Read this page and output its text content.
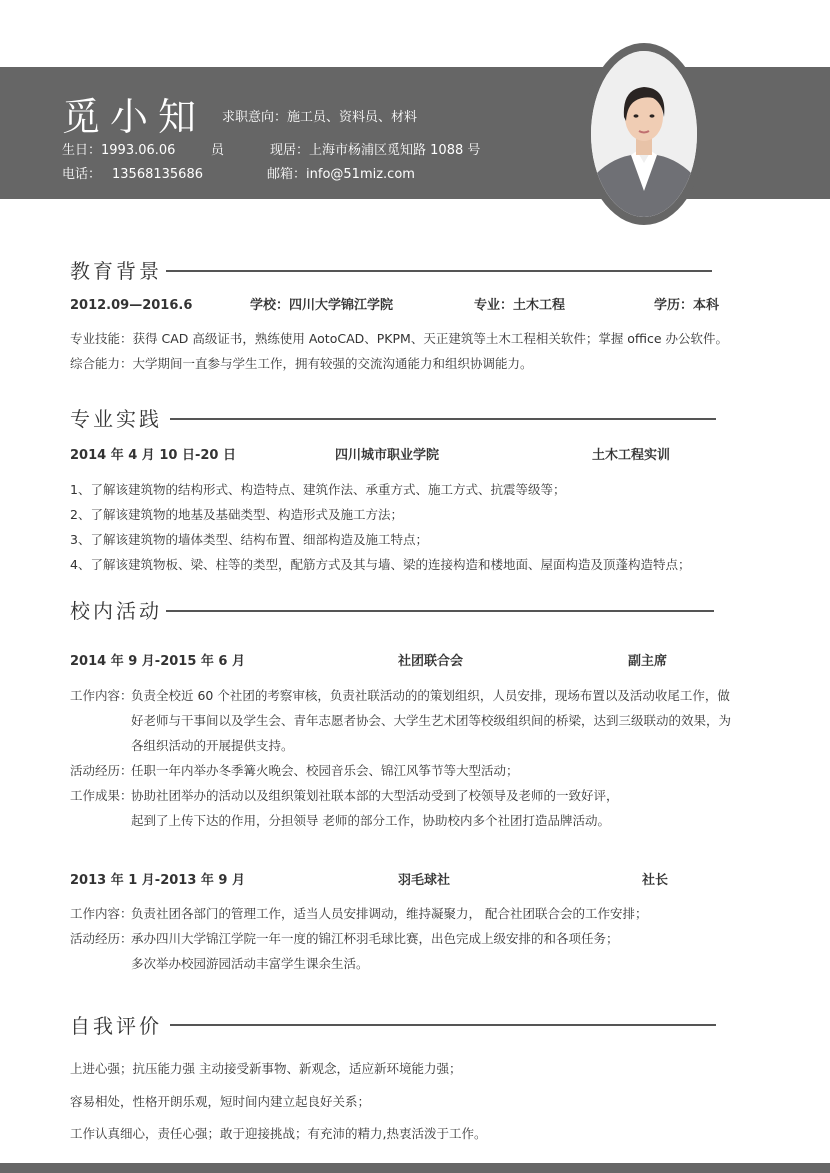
觅小知 求职意向：施工员、资料员、材料
员
生日：1993.06.06	现居：上海市杨浦区觅知路 1088 号
电话： 13568135686	邮箱：info@51miz.com
教育背景
2012.09—2016.6	学校：四川大学锦江学院	专业：土木工程	学历：本科
专业技能：获得 CAD 高级证书，熟练使用 AotoCAD、PKPM、天正建筑等土木工程相关软件；掌握 office 办公软件。
综合能力：大学期间一直参与学生工作，拥有较强的交流沟通能力和组织协调能力。
专业实践
2014 年 4 月 10 日-20 日	四川城市职业学院	土木工程实训
1、了解该建筑物的结构形式、构造特点、建筑作法、承重方式、施工方式、抗震等级等；
2、了解该建筑物的地基及基础类型、构造形式及施工方法；
3、了解该建筑物的墙体类型、结构布置、细部构造及施工特点；
4、了解该建筑物板、梁、柱等的类型，配筋方式及其与墙、梁的连接构造和楼地面、屋面构造及顶蓬构造特点；
校内活动
2014 年 9 月-2015 年 6 月	社团联合会	副主席
工作内容：
负责全校近 60 个社团的考察审核，负责社联活动的的策划组织，人员安排，现场布置以及活动收尾工作，做
好老师与干事间以及学生会、青年志愿者协会、大学生艺术团等校级组织间的桥梁，达到三级联动的效果，为
各组织活动的开展提供支持。
活动经历：
任职一年内举办冬季篝火晚会、校园音乐会、锦江风筝节等大型活动；
工作成果：
协助社团举办的活动以及组织策划社联本部的大型活动受到了校领导及老师的一致好评，
起到了上传下达的作用，分担领导 老师的部分工作，协助校内多个社团打造品牌活动。
2013 年 1 月-2013 年 9 月	羽毛球社	社长
工作内容：
负责社团各部门的管理工作，适当人员安排调动，维持凝聚力， 配合社团联合会的工作安排；
活动经历：
承办四川大学锦江学院一年一度的锦江杯羽毛球比赛，出色完成上级安排的和各项任务；
多次举办校园游园活动丰富学生课余生活。
自我评价
上进心强；抗压能力强 主动接受新事物、新观念，适应新环境能力强；
容易相处，性格开朗乐观，短时间内建立起良好关系；
工作认真细心，责任心强；敢于迎接挑战；有充沛的精力,热衷活泼于工作。
